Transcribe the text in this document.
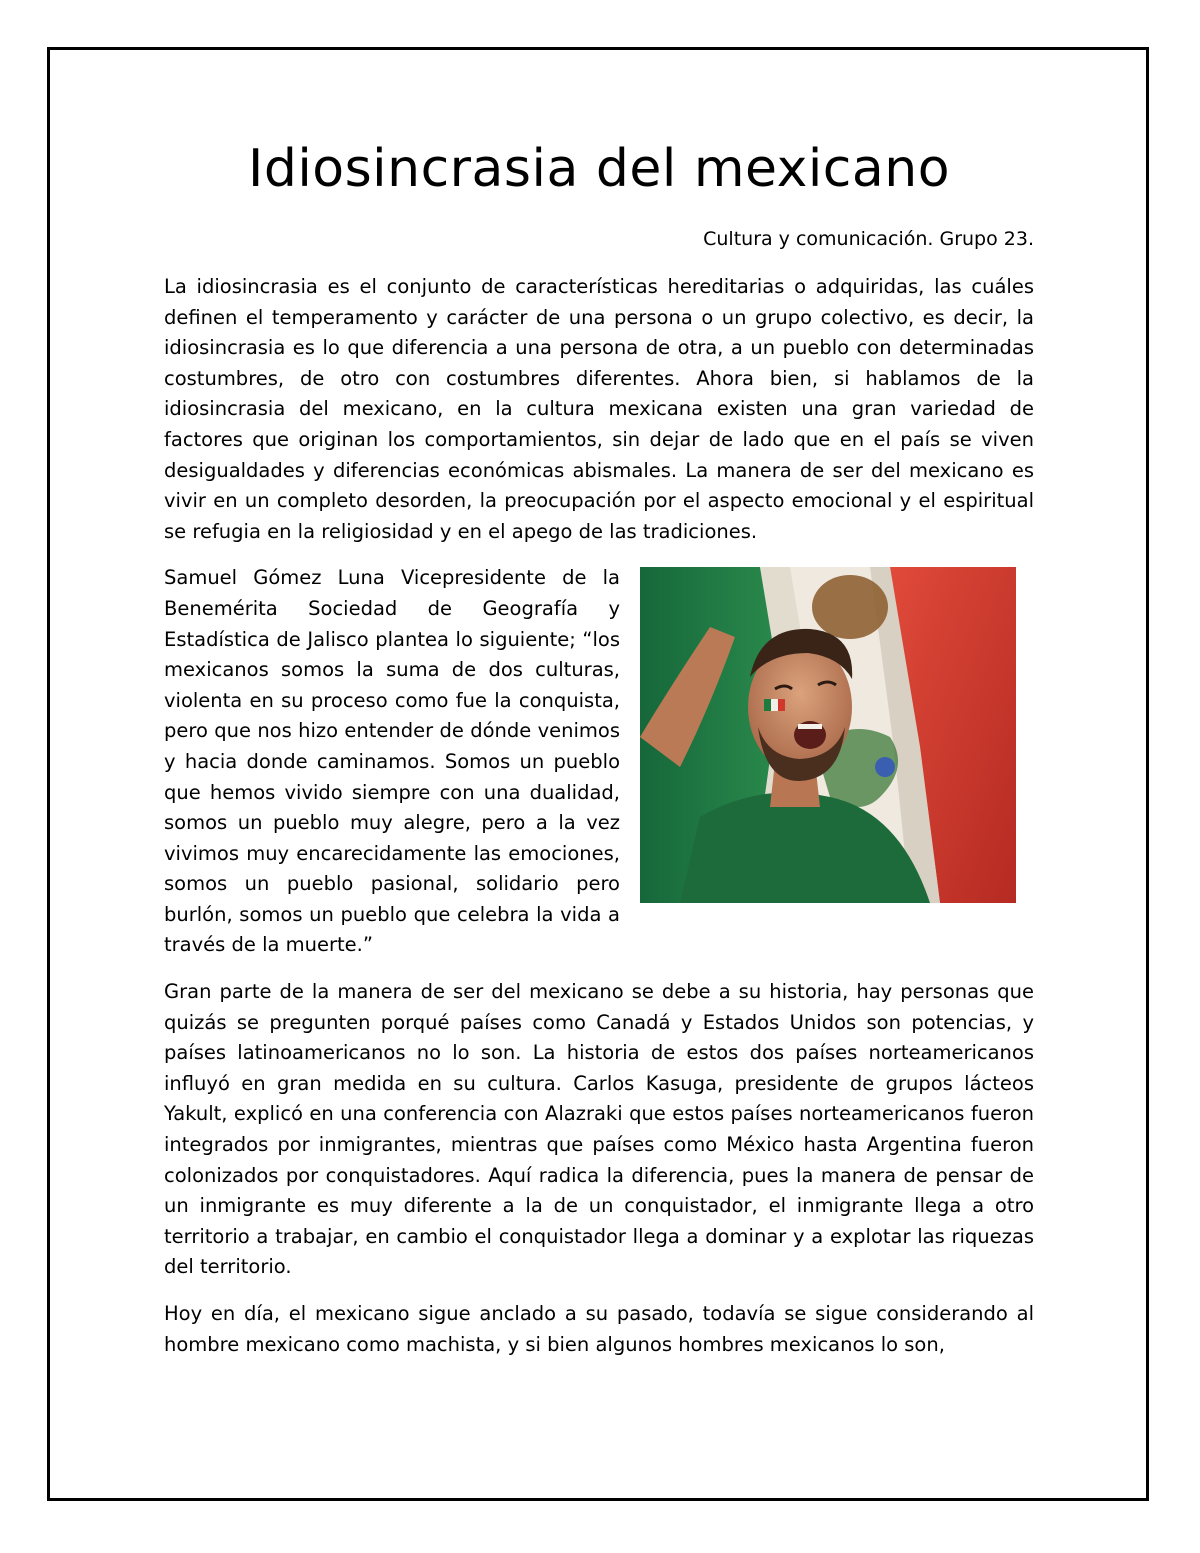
Idiosincrasia del mexicano
Cultura y comunicación. Grupo 23.

La idiosincrasia es el conjunto de características hereditarias o adquiridas, las cuáles definen el temperamento y carácter de una persona o un grupo colectivo, es decir, la idiosincrasia es lo que diferencia a una persona de otra, a un pueblo con determinadas costumbres, de otro con costumbres diferentes. Ahora bien, si hablamos de la idiosincrasia del mexicano, en la cultura mexicana existen una gran variedad de factores que originan los comportamientos, sin dejar de lado que en el país se viven desigualdades y diferencias económicas abismales. La manera de ser del mexicano es vivir en un completo desorden, la preocupación por el aspecto emocional y el espiritual se refugia en la religiosidad y en el apego de las tradiciones.

Samuel Gómez Luna Vicepresidente de la Benemérita Sociedad de Geografía y Estadística de Jalisco plantea lo siguiente; “los mexicanos somos la suma de dos culturas, violenta en su proceso como fue la conquista, pero que nos hizo entender de dónde venimos y hacia donde caminamos. Somos un pueblo que hemos vivido siempre con una dualidad, somos un pueblo muy alegre, pero a la vez vivimos muy encarecidamente las emociones, somos un pueblo pasional, solidario pero burlón, somos un pueblo que celebra la vida a través de la muerte.”

Gran parte de la manera de ser del mexicano se debe a su historia, hay personas que quizás se pregunten porqué países como Canadá y Estados Unidos son potencias, y países latinoamericanos no lo son. La historia de estos dos países norteamericanos influyó en gran medida en su cultura. Carlos Kasuga, presidente de grupos lácteos Yakult, explicó en una conferencia con Alazraki que estos países norteamericanos fueron integrados por inmigrantes, mientras que países como México hasta Argentina fueron colonizados por conquistadores. Aquí radica la diferencia, pues la manera de pensar de un inmigrante es muy diferente a la de un conquistador, el inmigrante llega a otro territorio a trabajar, en cambio el conquistador llega a dominar y a explotar las riquezas del territorio.

Hoy en día, el mexicano sigue anclado a su pasado, todavía se sigue considerando al hombre mexicano como machista, y si bien algunos hombres mexicanos lo son,
